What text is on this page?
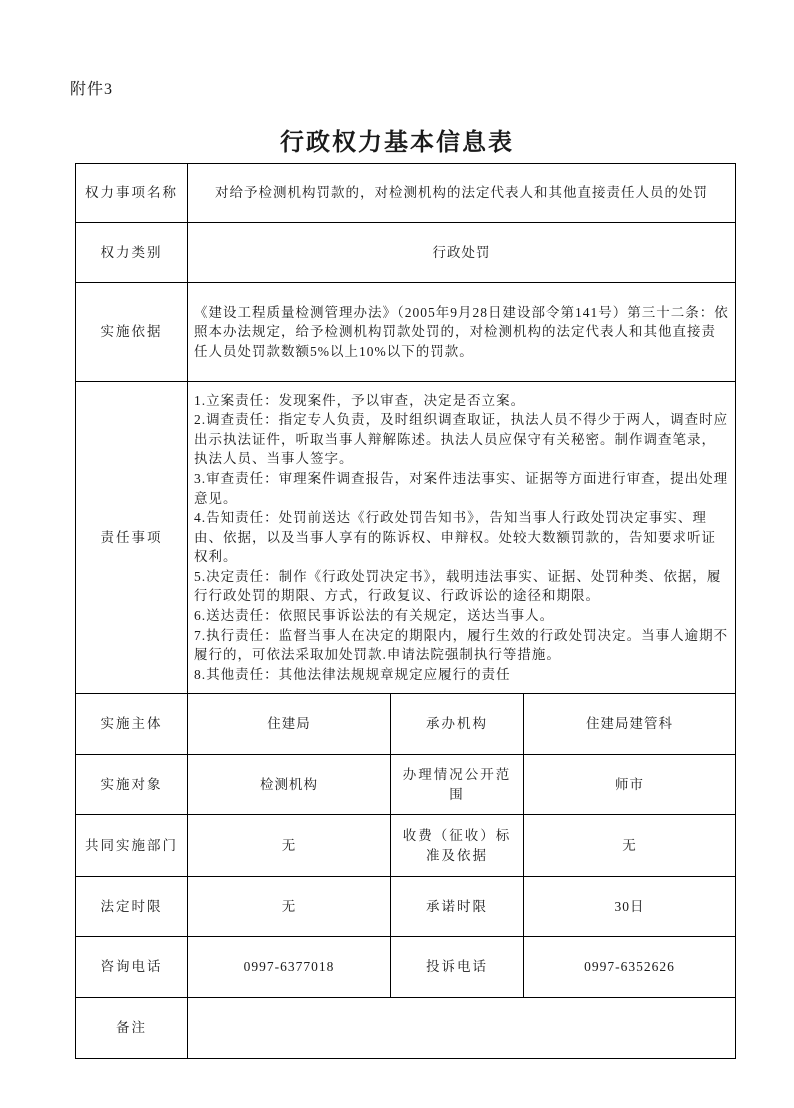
附件3
行政权力基本信息表
权力事项名称	对给予检测机构罚款的，对检测机构的法定代表人和其他直接责任人员的处罚		
权力类别	行政处罚		
实施依据	《建设工程质量检测管理办法》（2005年9月28日建设部令第141号）第三十二条：依照本办法规定，给予检测机构罚款处罚的，对检测机构的法定代表人和其他直接责任人员处罚款数额5%以上10%以下的罚款。		
责任事项	
1.立案责任：发现案件，予以审查，决定是否立案。
2.调查责任：指定专人负责，及时组织调查取证，执法人员不得少于两人，调查时应出示执法证件，听取当事人辩解陈述。执法人员应保守有关秘密。制作调查笔录，执法人员、当事人签字。
3.审查责任：审理案件调查报告，对案件违法事实、证据等方面进行审查，提出处理意见。
4.告知责任：处罚前送达《行政处罚告知书》，告知当事人行政处罚决定事实、理由、依据，以及当事人享有的陈诉权、申辩权。处较大数额罚款的，告知要求听证权利。
5.决定责任：制作《行政处罚决定书》，载明违法事实、证据、处罚种类、依据，履行行政处罚的期限、方式，行政复议、行政诉讼的途径和期限。
6.送达责任：依照民事诉讼法的有关规定，送达当事人。
7.执行责任：监督当事人在决定的期限内，履行生效的行政处罚决定。当事人逾期不履行的，可依法采取加处罚款.申请法院强制执行等措施。
8.其他责任：其他法律法规规章规定应履行的责任

实施主体	住建局	承办机构	住建局建管科
实施对象	检测机构	办理情况公开范围	师市
共同实施部门	无	收费（征收）标准及依据	无
法定时限	无	承诺时限	30日
咨询电话	0997-6377018	投诉电话	0997-6352626
备注			
